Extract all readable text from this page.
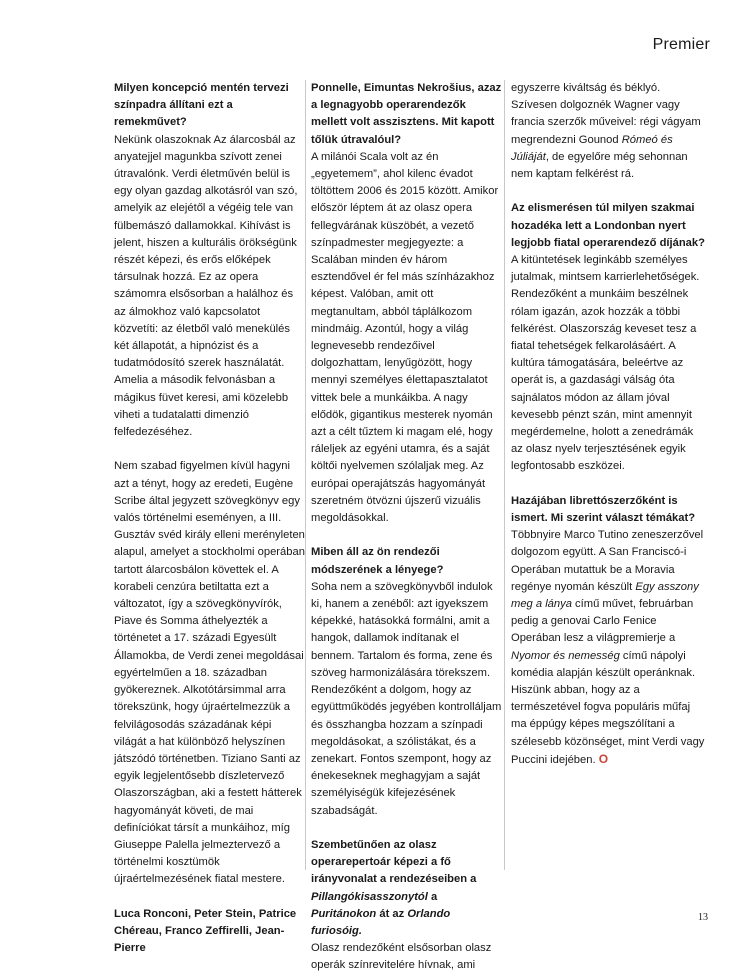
Premier
Milyen koncepció mentén tervezi színpadra állítani ezt a remekművet?
Nekünk olaszoknak Az álarcosbál az anyatejjel magunkba szívott zenei útravalónk. Verdi életművén belül is egy olyan gazdag alkotásról van szó, amelyik az elejétől a végéig tele van fülbemászó dallamokkal. Kihívást is jelent, hiszen a kulturális örökségünk részét képezi, és erős előképek társulnak hozzá. Ez az opera számomra elsősorban a halálhoz és az álmokhoz való kapcsolatot közvetíti: az életből való menekülés két állapotát, a hipnózist és a tudatmódosító szerek használatát. Amelia a második felvonásban a mágikus füvet keresi, ami közelebb viheti a tudatalatti dimenzió felfedezéséhez.
Nem szabad figyelmen kívül hagyni azt a tényt, hogy az eredeti, Eugène Scribe által jegyzett szövegkönyv egy valós történelmi eseményen, a III. Gusztáv svéd király elleni merényleten alapul, amelyet a stockholmi operában tartott álarcosbálon követtek el. A korabeli cenzúra betiltatta ezt a változatot, így a szövegkönyvírók, Piave és Somma áthelyezték a történetet a 17. századi Egyesült Államokba, de Verdi zenei megoldásai egyértelműen a 18. században gyökereznek. Alkotótársimmal arra törekszünk, hogy újraértelmezzük a felvilágosodás századának képi világát a hat különböző helyszínen játszódó történetben. Tiziano Santi az egyik legjelentősebb díszletervező Olaszországban, aki a festett hátterek hagyományát követi, de mai definíciókat társít a munkáihoz, míg Giuseppe Palella jelmeztervező a történelmi kosztümök újraértelmezésének fiatal mestere.
Luca Ronconi, Peter Stein, Patrice Chéreau, Franco Zeffirelli, Jean-Pierre
Ponnelle, Eimuntas Nekrošius, azaz a legnagyobb operarendezők mellett volt asszisztens. Mit kapott tőlük útravalóul?
A milánói Scala volt az én „egyetemem”, ahol kilenc évadot töltöttem 2006 és 2015 között. Amikor először léptem át az olasz opera fellegvárának küszöbét, a vezető színpadmester megjegyezte: a Scalában minden év három esztendővel ér fel más színházakhoz képest. Valóban, amit ott megtanultam, abból táplálkozom mindmáig. Azontúl, hogy a világ legnevesebb rendezőivel dolgozhattam, lenyűgözött, hogy mennyi személyes élettapasztalatot vittek bele a munkáikba. A nagy elődök, gigantikus mesterek nyomán azt a célt tűztem ki magam elé, hogy ráleljek az egyéni utamra, és a saját költői nyelvemen szólaljak meg. Az európai operajátszás hagyományát szeretném ötvözni újszerű vizuális megoldásokkal.
Miben áll az ön rendezői módszerének a lényege?
Soha nem a szövegkönyvből indulok ki, hanem a zenéből: azt igyekszem képekké, hatásokká formálni, amit a hangok, dallamok indítanak el bennem. Tartalom és forma, zene és szöveg harmonizálására törekszem. Rendezőként a dolgom, hogy az együttműködés jegyében kontrolláljam és összhangba hozzam a színpadi megoldásokat, a szólistákat, és a zenekart. Fontos szempont, hogy az énekeseknek meghagyjam a saját személyiségük kifejezésének szabadságát.
Szembetűnően az olasz operarepertoár képezi a fő irányvonalat a rendezéseiben a Pillangókisasszonytól a Puritánokon át az Orlando furiosóig.
Olasz rendezőként elsősorban olasz operák színrevitelére hívnak, ami
egyszerre kiváltság és béklyó. Szívesen dolgoznék Wagner vagy francia szerzők műveivel: régi vágyam megrendezni Gounod Rómeó és Júliáját, de egyelőre még sehonnan nem kaptam felkérést rá.
Az elismerésen túl milyen szakmai hozadéka lett a Londonban nyert legjobb fiatal operarendező díjának?
A kitüntetések leginkább személyes jutalmak, mintsem karrierlehetőségek. Rendezőként a munkáim beszélnek rólam igazán, azok hozzák a többi felkérést. Olaszország keveset tesz a fiatal tehetségek felkarolásáért. A kultúra támogatására, beleértve az operát is, a gazdasági válság óta sajnálatos módon az állam jóval kevesebb pénzt szán, mint amennyit megérdemelne, holott a zenedrámák az olasz nyelv terjesztésének egyik legfontosabb eszközei.
Hazájában librettószerzőként is ismert. Mi szerint választ témákat?
Többnyire Marco Tutino zeneszerzővel dolgozom együtt. A San Franciscó-i Operában mutattuk be a Moravia regénye nyomán készült Egy asszony meg a lánya című művet, februárban pedig a genovai Carlo Fenice Operában lesz a világpremierje a Nyomor és nemesség című nápolyi komédia alapján készült operánknak. Hiszünk abban, hogy az a természetével fogva populáris műfaj ma éppúgy képes megszólítani a szélesebb közönséget, mint Verdi vagy Puccini idejében. O
13
